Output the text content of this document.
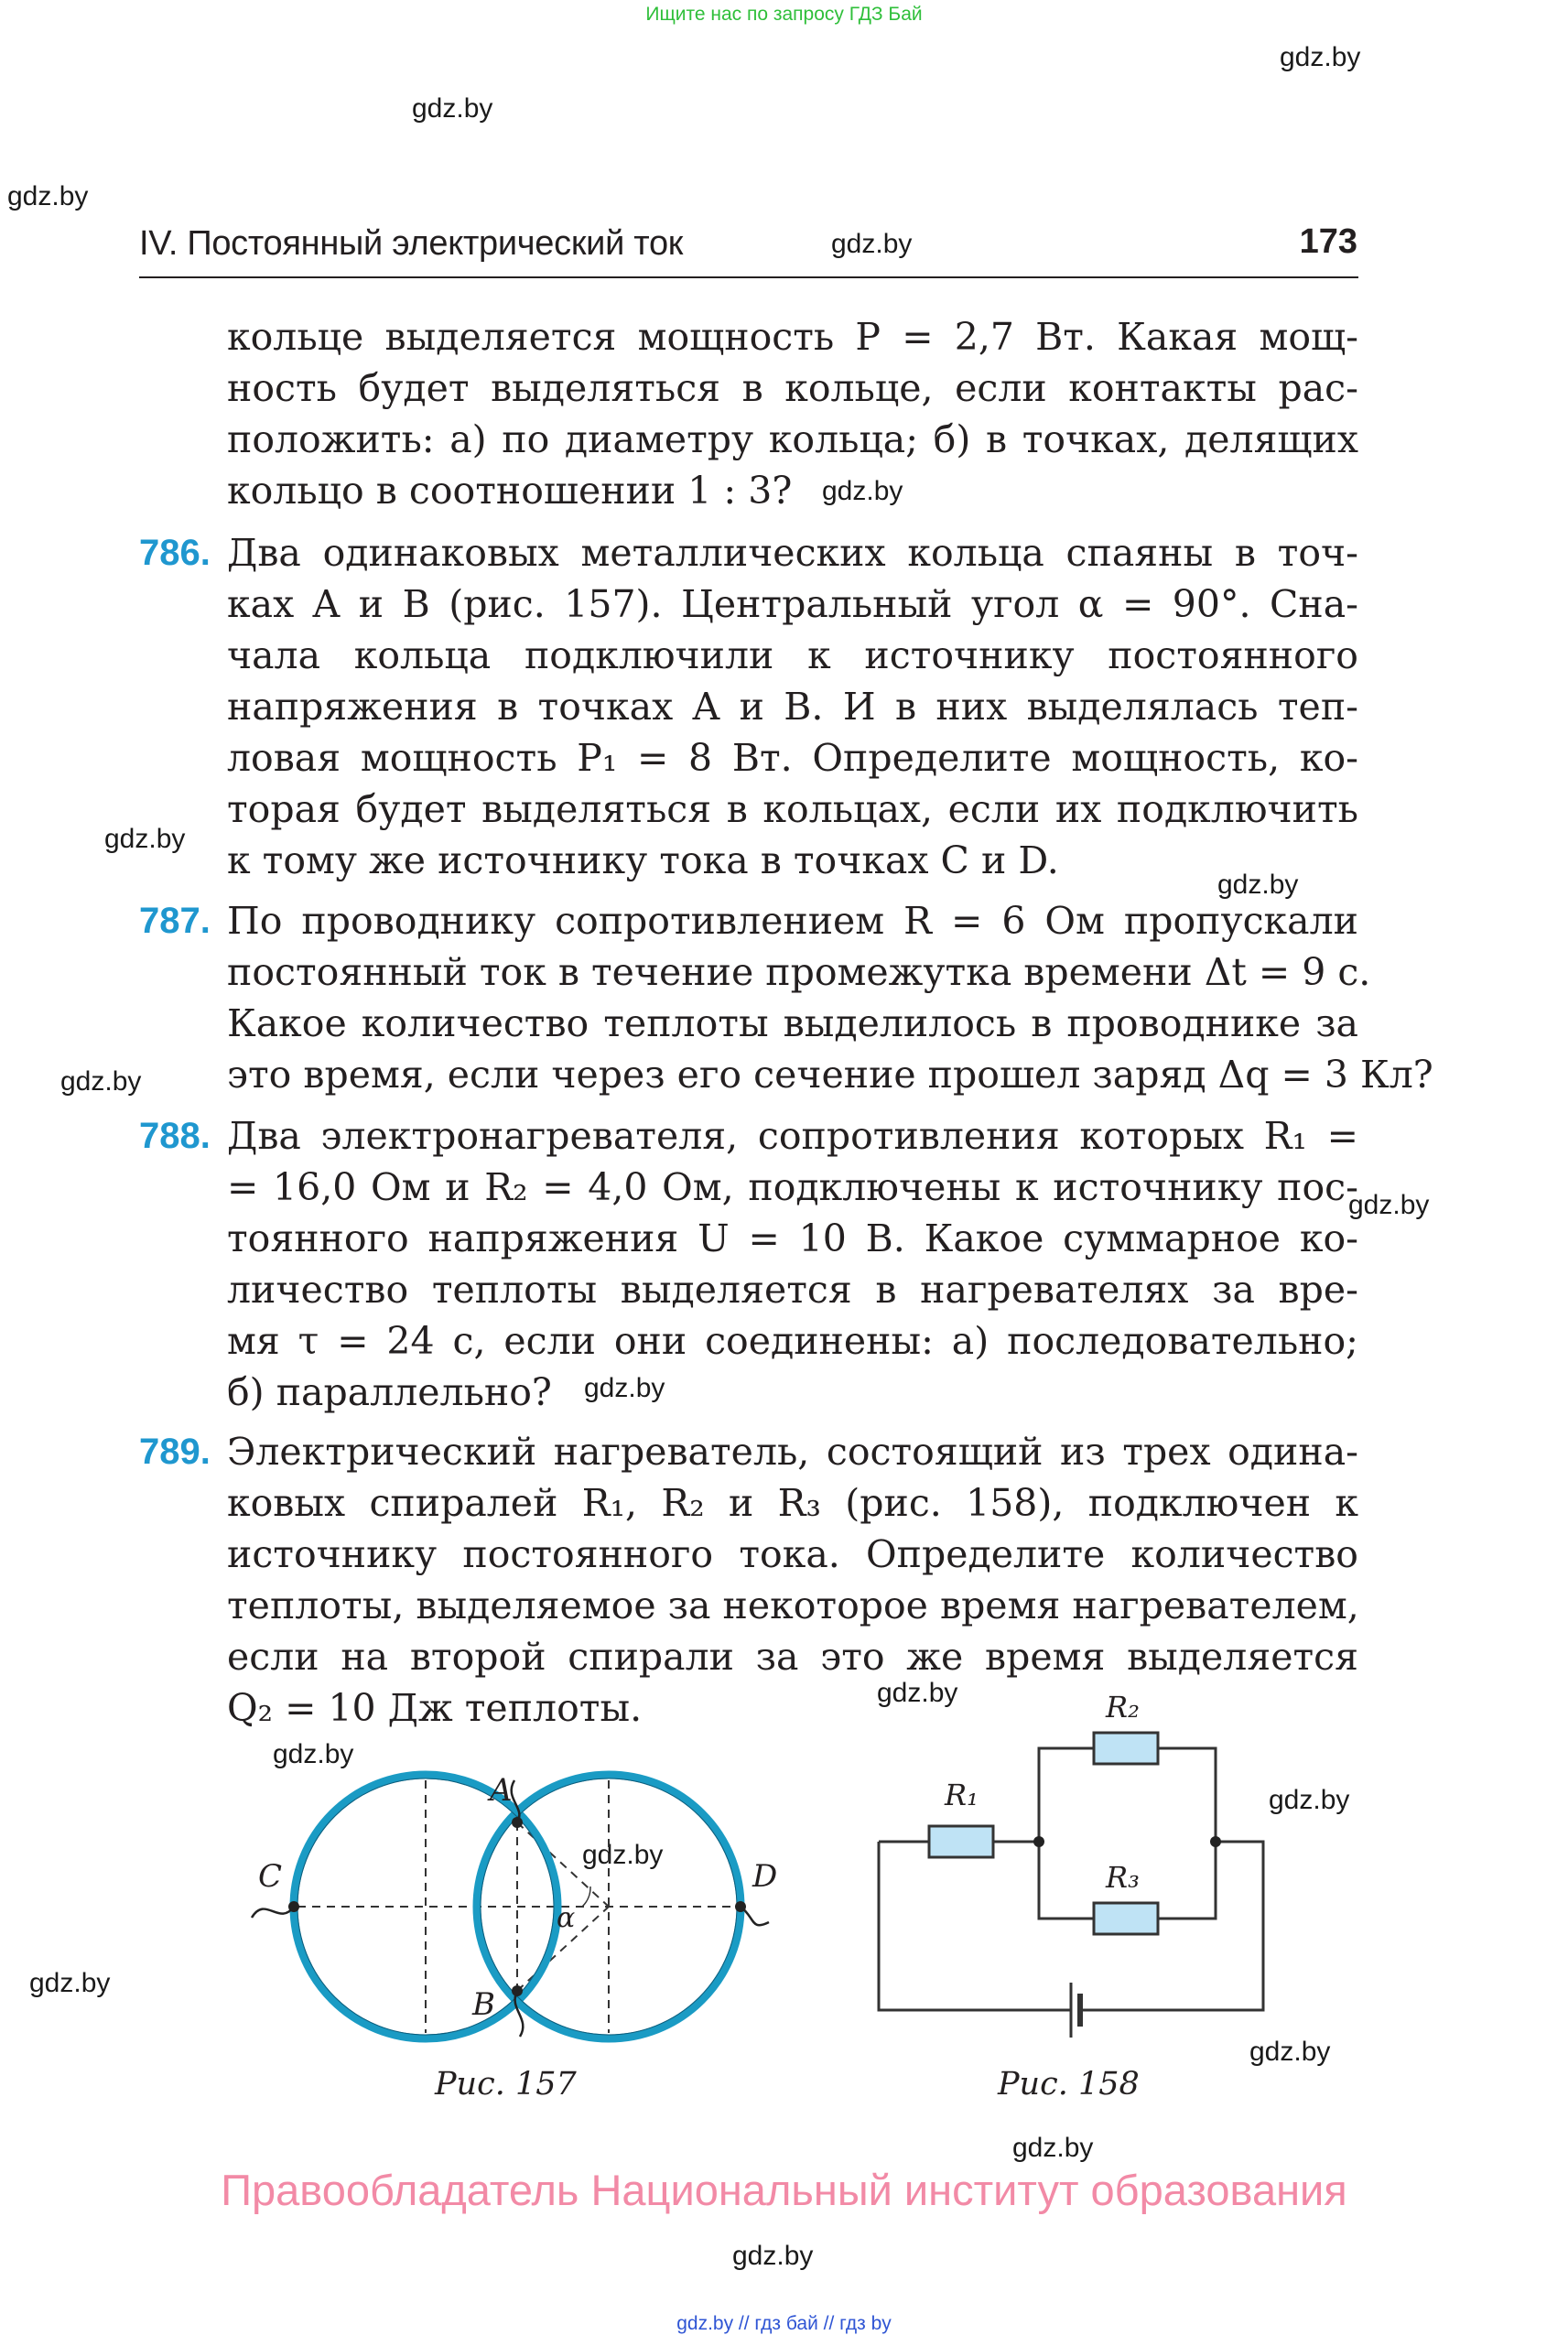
Ищите нас по запросу ГДЗ Бай
gdz.by
gdz.by
gdz.by
gdz.by
gdz.by
gdz.by
gdz.by
gdz.by
gdz.by
gdz.by
gdz.by
gdz.by
gdz.by
gdz.by
gdz.by
gdz.by
gdz.by
gdz.by
IV. Постоянный электрический ток	173
кольце выделяется мощность P = 2,7 Вт. Какая мощ-
ность будет выделяться в кольце, если контакты рас-
положить: а) по диаметру кольца; б) в точках, делящих
кольцо в соотношении 1 : 3?
786. Два одинаковых металлических кольца спаяны в точ-
ках A и B (рис. 157). Центральный угол α = 90°. Сна-
чала кольца подключили к источнику постоянного
напряжения в точках A и B. И в них выделялась теп-
ловая мощность P₁ = 8 Вт. Определите мощность, ко-
торая будет выделяться в кольцах, если их подключить
к тому же источнику тока в точках C и D.
787. По проводнику сопротивлением R = 6 Ом пропускали
постоянный ток в течение промежутка времени Δt = 9 с.
Какое количество теплоты выделилось в проводнике за
это время, если через его сечение прошел заряд Δq = 3 Кл?
788. Два электронагревателя, сопротивления которых R₁ =
= 16,0 Ом и R₂ = 4,0 Ом, подключены к источнику пос-
тоянного напряжения U = 10 В. Какое суммарное ко-
личество теплоты выделяется в нагревателях за вре-
мя τ = 24 с, если они соединены: а) последовательно;
б) параллельно?
789. Электрический нагреватель, состоящий из трех одина-
ковых спиралей R₁, R₂ и R₃ (рис. 158), подключен к
источнику постоянного тока. Определите количество
теплоты, выделяемое за некоторое время нагревателем,
если на второй спирали за это же время выделяется
Q₂ = 10 Дж теплоты.
A
B
C	D
α
Рис. 157
R₁
R₂
R₃
Рис. 158
Правообладатель Национальный институт образования
gdz.by // гдз бай // гдз by
